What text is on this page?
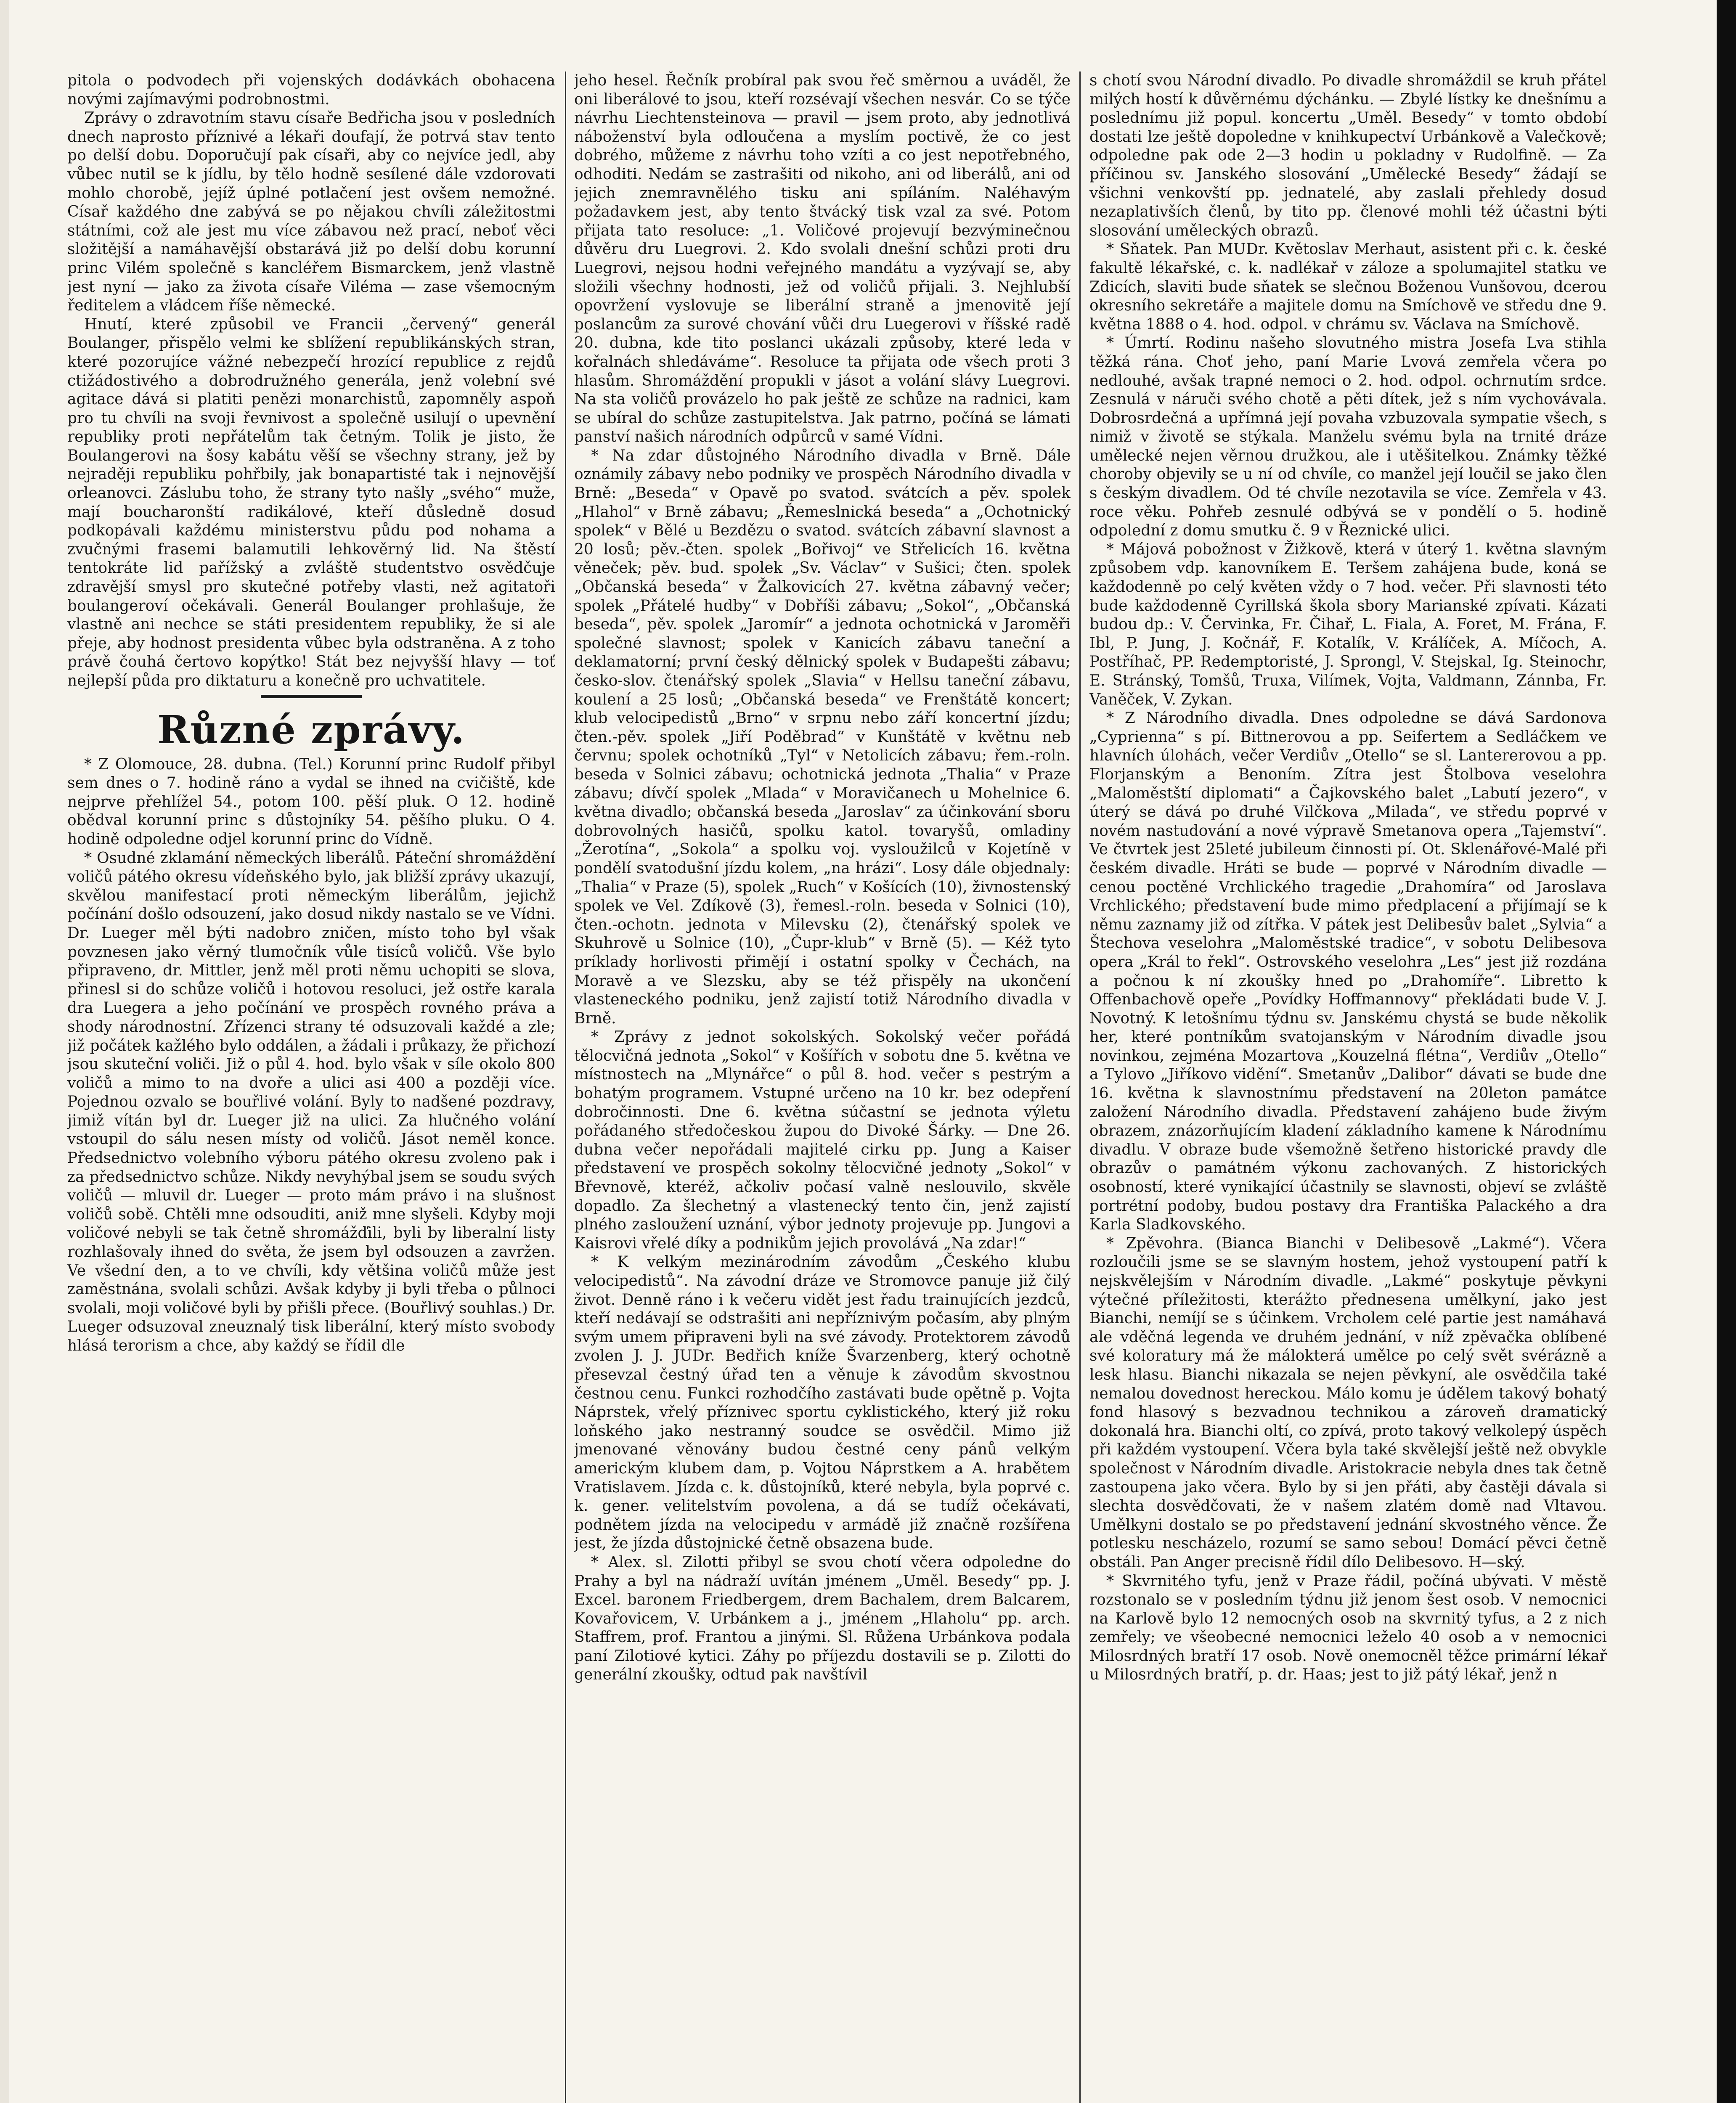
pitola o podvodech při vojenských dodávkách obohacena novými zajímavými podrobnostmi.

Zprávy o zdravotním stavu císaře Bedřicha jsou v posledních dnech naprosto příznivé a lékaři doufají, že potrvá stav tento po delší dobu. Doporučují pak císaři, aby co nejvíce jedl, aby vůbec nutil se k jídlu, by tělo hodně sesílené dále vzdorovati mohlo chorobě, jejíž úplné potlačení jest ovšem nemožné. Císař každého dne zabývá se po nějakou chvíli záležitostmi státními, což ale jest mu více zábavou než prací, neboť věci složitější a namáhavější obstarává již po delší dobu korunní princ Vilém společně s kancléřem Bismarckem, jenž vlastně jest nyní — jako za života císaře Viléma — zase všemocným ředitelem a vládcem říše německé.

Hnutí, které způsobil ve Francii „červený“ generál Boulanger, přispělo velmi ke sblížení republikánských stran, které pozorujíce vážné nebezpečí hrozící republice z rejdů ctižádostivého a dobrodružného generála, jenž volební své agitace dává si platiti penězi monarchistů, zapomněly aspoň pro tu chvíli na svoji řevnivost a společně usilují o upevnění republiky proti nepřátelům tak četným. Tolik je jisto, že Boulangerovi na šosy kabátu věší se všechny strany, jež by nejraději republiku pohřbily, jak bonapartisté tak i nejnovější orleanovci. Záslubu toho, že strany tyto našly „svého“ muže, mají boucharonští radikálové, kteří důsledně dosud podkopávali každému ministerstvu půdu pod nohama a zvučnými frasemi balamutili lehkověrný lid. Na štěstí tentokráte lid pařížský a zvláště studentstvo osvědčuje zdravější smysl pro skutečné potřeby vlasti, než agitatoři boulangeroví očekávali. Generál Boulanger prohlašuje, že vlastně ani nechce se státi presidentem republiky, že si ale přeje, aby hodnost presidenta vůbec byla odstraněna. A z toho právě čouhá čertovo kopýtko! Stát bez nejvyšší hlavy — toť nejlepší půda pro diktaturu a konečně pro uchvatitele.

Různé zprávy.

* Z Olomouce, 28. dubna. (Tel.) Korunní princ Rudolf přibyl sem dnes o 7. hodině ráno a vydal se ihned na cvičiště, kde nejprve přehlížel 54., potom 100. pěší pluk. O 12. hodině obědval korunní princ s důstojníky 54. pěšího pluku. O 4. hodině odpoledne odjel korunní princ do Vídně.

* Osudné zklamání německých liberálů. Páteční shromáždění voličů pátého okresu vídeňského bylo, jak bližší zprávy ukazují, skvělou manifestací proti německým liberálům, jejichž počínání došlo odsouzení, jako dosud nikdy nastalo se ve Vídni. Dr. Lueger měl býti nadobro zničen, místo toho byl však povznesen jako věrný tlumočník vůle tisíců voličů. Vše bylo připraveno, dr. Mittler, jenž měl proti němu uchopiti se slova, přinesl si do schůze voličů i hotovou resoluci, jež ostře karala dra Luegera a jeho počínání ve prospěch rovného práva a shody národnostní. Zřízenci strany té odsuzovali každé a zle; již počátek kažlého bylo oddálen, a žádali i průkazy, že přichozí jsou skuteční voliči. Již o půl 4. hod. bylo však v síle okolo 800 voličů a mimo to na dvoře a ulici asi 400 a později více. Pojednou ozvalo se bouřlivé volání. Byly to nadšené pozdravy, jimiž vítán byl dr. Lueger již na ulici. Za hlučného volání vstoupil do sálu nesen místy od voličů. Jásot neměl konce. Předsednictvo volebního výboru pátého okresu zvoleno pak i za předsednictvo schůze. Nikdy nevyhýbal jsem se soudu svých voličů — mluvil dr. Lueger — proto mám právo i na slušnost voličů sobě. Chtěli mne odsouditi, aniž mne slyšeli. Kdyby moji voličové nebyli se tak četně shromážďili, byli by liberalní listy rozhlašovaly ihned do světa, že jsem byl odsouzen a zavržen. Ve všední den, a to ve chvíli, kdy většina voličů může jest zaměstnána, svolali schůzi. Avšak kdyby ji byli třeba o půlnoci svolali, moji voličové byli by přišli přece. (Bouřlivý souhlas.) Dr. Lueger odsuzoval zneuznalý tisk liberální, který místo svobody hlásá terorism a chce, aby každý se řídil dle

jeho hesel. Řečník probíral pak svou řeč směrnou a uváděl, že oni liberálové to jsou, kteří rozsévají všechen nesvár. Co se týče návrhu Liechtensteinova — pravil — jsem proto, aby jednotlivá náboženství byla odloučena a myslím poctivě, že co jest dobrého, můžeme z návrhu toho vzíti a co jest nepotřebného, odhoditi. Nedám se zastrašiti od nikoho, ani od liberálů, ani od jejich znemravnělého tisku ani spíláním. Naléhavým požadavkem jest, aby tento štvácký tisk vzal za své. Potom přijata tato resoluce: „1. Voličové projevují bezvýminečnou důvěru dru Luegrovi. 2. Kdo svolali dnešní schůzi proti dru Luegrovi, nejsou hodni veřejného mandátu a vyzývají se, aby složili všechny hodnosti, jež od voličů přijali. 3. Nejhlubší opovržení vyslovuje se liberální straně a jmenovitě její poslancům za surové chování vůči dru Luegerovi v říšské radě 20. dubna, kde tito poslanci ukázali způsoby, které leda v kořalnách shledáváme“. Resoluce ta přijata ode všech proti 3 hlasům. Shromáždění propukli v jásot a volání slávy Luegrovi. Na sta voličů provázelo ho pak ještě ze schůze na radnici, kam se ubíral do schůze zastupitelstva. Jak patrno, počíná se lámati panství našich národních odpůrců v samé Vídni.

* Na zdar důstojného Národního divadla v Brně. Dále oznámily zábavy nebo podniky ve prospěch Národního divadla v Brně: „Beseda“ v Opavě po svatod. svátcích a pěv. spolek „Hlahol“ v Brně zábavu; „Řemeslnická beseda“ a „Ochotnický spolek“ v Bělé u Bezdězu o svatod. svátcích zábavní slavnost a 20 losů; pěv.-čten. spolek „Bořivoj“ ve Střelicích 16. května věneček; pěv. bud. spolek „Sv. Václav“ v Sušici; čten. spolek „Občanská beseda“ v Žalkovicích 27. května zábavný večer; spolek „Přátelé hudby“ v Dobříši zábavu; „Sokol“, „Občanská beseda“, pěv. spolek „Jaromír“ a jednota ochotnická v Jaroměři společné slavnost; spolek v Kanicích zábavu taneční a deklamatorní; první český dělnický spolek v Budapešti zábavu; česko-slov. čtenářský spolek „Slavia“ v Hellsu taneční zábavu, koulení a 25 losů; „Občanská beseda“ ve Frenštátě koncert; klub velocipedistů „Brno“ v srpnu nebo září koncertní jízdu; čten.-pěv. spolek „Jiří Poděbrad“ v Kunštátě v květnu neb červnu; spolek ochotníků „Tyl“ v Netolicích zábavu; řem.-roln. beseda v Solnici zábavu; ochotnická jednota „Thalia“ v Praze zábavu; dívčí spolek „Mlada“ v Moravičanech u Mohelnice 6. května divadlo; občanská beseda „Jaroslav“ za účinkování sboru dobrovolných hasičů, spolku katol. tovaryšů, omladiny „Žerotína“, „Sokola“ a spolku voj. vysloužilců v Kojetíně v pondělí svatodušní jízdu kolem, „na hrázi“. Losy dále objednaly: „Thalia“ v Praze (5), spolek „Ruch“ v Košících (10), živnostenský spolek ve Vel. Zdíkově (3), řemesl.-roln. beseda v Solnici (10), čten.-ochotn. jednota v Milevsku (2), čtenářský spolek ve Skuhrově u Solnice (10), „Čupr-klub“ v Brně (5). — Kéž tyto príklady horlivosti přimějí i ostatní spolky v Čechách, na Moravě a ve Slezsku, aby se též přispěly na ukončení vlasteneckého podniku, jenž zajistí totiž Národního divadla v Brně.

* Zprávy z jednot sokolských. Sokolský večer pořádá tělocvičná jednota „Sokol“ v Košířích v sobotu dne 5. května ve místnostech na „Mlynářce“ o půl 8. hod. večer s pestrým a bohatým programem. Vstupné určeno na 10 kr. bez odepření dobročinnosti. Dne 6. května súčastní se jednota výletu pořádaného středočeskou župou do Divoké Šárky. — Dne 26. dubna večer nepořádali majitelé cirku pp. Jung a Kaiser představení ve prospěch sokolny tělocvičné jednoty „Sokol“ v Břevnově, kteréž, ačkoliv počasí valně neslouvilo, skvěle dopadlo. Za šlechetný a vlastenecký tento čin, jenž zajistí plného zasloužení uznání, výbor jednoty projevuje pp. Jungovi a Kaisrovi vřelé díky a podnikům jejich provolává „Na zdar!“

* K velkým mezinárodním závodům „Českého klubu velocipedistů“. Na závodní dráze ve Stromovce panuje již čilý život. Denně ráno i k večeru vidět jest řadu trainujících jezdců, kteří nedávají se odstrašiti ani nepříznivým počasím, aby plným svým umem připraveni byli na své závody. Protektorem závodů zvolen J. J. JUDr. Bedřich kníže Švarzenberg, který ochotně přesevzal čestný úřad ten a věnuje k závodům skvostnou čestnou cenu. Funkci rozhodčího zastávati bude opětně p. Vojta Náprstek, vřelý příznivec sportu cyklistického, který již roku loňského jako nestranný soudce se osvědčil. Mimo již jmenované věnovány budou čestné ceny pánů velkým americkým klubem dam, p. Vojtou Náprstkem a A. hrabětem Vratislavem. Jízda c. k. důstojníků, které nebyla, byla poprvé c. k. gener. velitelstvím povolena, a dá se tudíž očekávati, podnětem jízda na velocipedu v armádě již značně rozšířena jest, že jízda důstojnické četně obsazena bude.

* Alex. sl. Zilotti přibyl se svou chotí včera odpoledne do Prahy a byl na nádraží uvítán jménem „Uměl. Besedy“ pp. J. Excel. baronem Friedbergem, drem Bachalem, drem Balcarem, Kovařovicem, V. Urbánkem a j., jménem „Hlaholu“ pp. arch. Staffrem, prof. Frantou a jinými. Sl. Růžena Urbánkova podala paní Zilotiové kytici. Záhy po příjezdu dostavili se p. Zilotti do generální zkoušky, odtud pak navštívil

s chotí svou Národní divadlo. Po divadle shromáždil se kruh přátel milých hostí k důvěrnému dýchánku. — Zbylé lístky ke dnešnímu a poslednímu již popul. koncertu „Uměl. Besedy“ v tomto období dostati lze ještě dopoledne v knihkupectví Urbánkově a Valečkově; odpoledne pak ode 2—3 hodin u pokladny v Rudolfině. — Za příčinou sv. Janského slosování „Umělecké Besedy“ žádají se všichni venkovští pp. jednatelé, aby zaslali přehledy dosud nezaplativších členů, by tito pp. členové mohli též účastni býti slosování uměleckých obrazů.

* Sňatek. Pan MUDr. Květoslav Merhaut, asistent při c. k. české fakultě lékařské, c. k. nadlékař v záloze a spolumajitel statku ve Zdicích, slaviti bude sňatek se slečnou Boženou Vunšovou, dcerou okresního sekretáře a majitele domu na Smíchově ve středu dne 9. května 1888 o 4. hod. odpol. v chrámu sv. Václava na Smíchově.

* Úmrtí. Rodinu našeho slovutného mistra Josefa Lva stihla těžká rána. Choť jeho, paní Marie Lvová zemřela včera po nedlouhé, avšak trapné nemoci o 2. hod. odpol. ochrnutím srdce. Zesnulá v náruči svého chotě a pěti dítek, jež s ním vychovávala. Dobrosrdečná a upřímná její povaha vzbuzovala sympatie všech, s nimiž v životě se stýkala. Manželu svému byla na trnité dráze umělecké nejen věrnou družkou, ale i utěšitelkou. Známky těžké choroby objevily se u ní od chvíle, co manžel její loučil se jako člen s českým divadlem. Od té chvíle nezotavila se více. Zemřela v 43. roce věku. Pohřeb zesnulé odbývá se v pondělí o 5. hodině odpolední z domu smutku č. 9 v Řeznické ulici.

* Májová pobožnost v Žižkově, která v úterý 1. května slavným způsobem vdp. kanovníkem E. Teršem zahájena bude, koná se každodenně po celý květen vždy o 7 hod. večer. Při slavnosti této bude každodenně Cyrillská škola sbory Marianské zpívati. Kázati budou dp.: V. Červinka, Fr. Čihař, L. Fiala, A. Foret, M. Frána, F. Ibl, P. Jung, J. Kočnář, F. Kotalík, V. Králíček, A. Míčoch, A. Postříhač, PP. Redemptoristé, J. Sprongl, V. Stejskal, Ig. Steinochr, E. Stránský, Tomšů, Truxa, Vilímek, Vojta, Valdmann, Zánnba, Fr. Vaněček, V. Zykan.

* Z Národního divadla. Dnes odpoledne se dává Sardonova „Cyprienna“ s pí. Bittnerovou a pp. Seifertem a Sedláčkem ve hlavních úlohách, večer Verdiův „Otello“ se sl. Lantererovou a pp. Florjanským a Benoním. Zítra jest Štolbova veselohra „Maloměstští diplomati“ a Čajkovského balet „Labutí jezero“, v úterý se dává po druhé Vilčkova „Milada“, ve středu poprvé v novém nastudování a nové výpravě Smetanova opera „Tajemství“. Ve čtvrtek jest 25leté jubileum činnosti pí. Ot. Sklenářové-Malé při českém divadle. Hráti se bude — poprvé v Národním divadle — cenou poctěné Vrchlického tragedie „Drahomíra“ od Jaroslava Vrchlického; představení bude mimo předplacení a přijímají se k němu zaznamy již od zítřka. V pátek jest Delibesův balet „Sylvia“ a Štechova veselohra „Maloměstské tradice“, v sobotu Delibesova opera „Král to řekl“. Ostrovského veselohra „Les“ jest již rozdána a počnou k ní zkoušky hned po „Drahomíře“. Libretto k Offenbachově opeře „Povídky Hoffmannovy“ překládati bude V. J. Novotný. K letošnímu týdnu sv. Janskému chystá se bude několik her, které pontníkům svatojanským v Národním divadle jsou novinkou, zejména Mozartova „Kouzelná flétna“, Verdiův „Otello“ a Tylovo „Jiříkovo vidění“. Smetanův „Dalibor“ dávati se bude dne 16. května k slavnostnímu představení na 20leton památce založení Národního divadla. Představení zahájeno bude živým obrazem, znázorňujícím kladení základního kamene k Národnímu divadlu. V obraze bude všemožně šetřeno historické pravdy dle obrazův o památném výkonu zachovaných. Z historických osobností, které vynikající účastnily se slavnosti, objeví se zvláště portrétní podoby, budou postavy dra Františka Palackého a dra Karla Sladkovského.

* Zpěvohra. (Bianca Bianchi v Delibesově „Lakmé“). Včera rozloučili jsme se se slavným hostem, jehož vystoupení patří k nejskvělejším v Národním divadle. „Lakmé“ poskytuje pěvkyni výtečné příležitosti, kterážto přednesena umělkyní, jako jest Bianchi, nemíjí se s účinkem. Vrcholem celé partie jest namáhavá ale vděčná legenda ve druhém jednání, v níž zpěvačka oblíbené své koloratury má že málokterá umělce po celý svět svérázně a lesk hlasu. Bianchi nikazala se nejen pěvkyní, ale osvědčila také nemalou dovednost hereckou. Málo komu je údělem takový bohatý fond hlasový s bezvadnou technikou a zároveň dramatický dokonalá hra. Bianchi oltí, co zpívá, proto takový velkolepý úspěch při každém vystoupení. Včera byla také skvělejší ještě než obvykle společnost v Národním divadle. Aristokracie nebyla dnes tak četně zastoupena jako včera. Bylo by si jen přáti, aby častěji dávala si slechta dosvědčovati, že v našem zlatém domě nad Vltavou. Umělkyni dostalo se po představení jednání skvostného věnce. Že potlesku nescházelo, rozumí se samo sebou! Domácí pěvci četně obstáli. Pan Anger precisně řídil dílo Delibesovo. H—ský.

* Skvrnitého tyfu, jenž v Praze řádil, počíná ubývati. V městě rozstonalo se v posledním týdnu již jenom šest osob. V nemocnici na Karlově bylo 12 nemocných osob na skvrnitý tyfus, a 2 z nich zemřely; ve všeobecné nemocnici leželo 40 osob a v nemocnici Milosrdných bratří 17 osob. Nově onemocněl těžce primární lékař u Milosrdných bratří, p. dr. Haas; jest to již pátý lékař, jenž n
